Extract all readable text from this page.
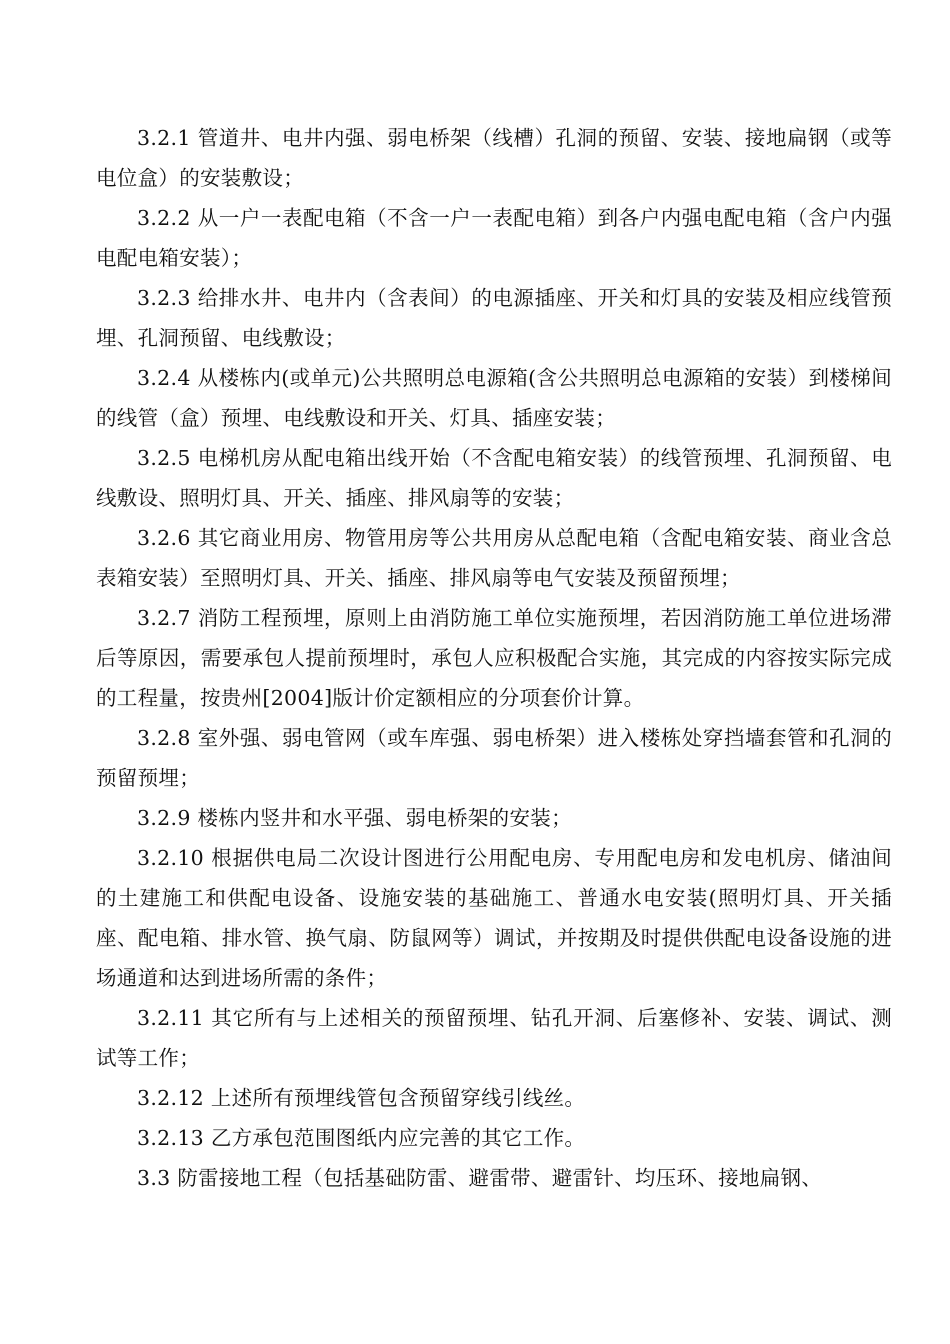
3.2.1 管道井、电井内强、弱电桥架（线槽）孔洞的预留、安装、接地扁钢（或等电位盒）的安装敷设；

3.2.2 从一户一表配电箱（不含一户一表配电箱）到各户内强电配电箱（含户内强电配电箱安装）；

3.2.3 给排水井、电井内（含表间）的电源插座、开关和灯具的安装及相应线管预埋、孔洞预留、电线敷设；

3.2.4 从楼栋内(或单元)公共照明总电源箱(含公共照明总电源箱的安装）到楼梯间的线管（盒）预埋、电线敷设和开关、灯具、插座安装；

3.2.5 电梯机房从配电箱出线开始（不含配电箱安装）的线管预埋、孔洞预留、电线敷设、照明灯具、开关、插座、排风扇等的安装；

3.2.6 其它商业用房、物管用房等公共用房从总配电箱（含配电箱安装、商业含总表箱安装）至照明灯具、开关、插座、排风扇等电气安装及预留预埋；

3.2.7 消防工程预埋，原则上由消防施工单位实施预埋，若因消防施工单位进场滞后等原因，需要承包人提前预埋时，承包人应积极配合实施，其完成的内容按实际完成的工程量，按贵州[2004]版计价定额相应的分项套价计算。

3.2.8 室外强、弱电管网（或车库强、弱电桥架）进入楼栋处穿挡墙套管和孔洞的预留预埋；

3.2.9 楼栋内竖井和水平强、弱电桥架的安装；

3.2.10 根据供电局二次设计图进行公用配电房、专用配电房和发电机房、储油间的土建施工和供配电设备、设施安装的基础施工、普通水电安装(照明灯具、开关插座、配电箱、排水管、换气扇、防鼠网等）调试，并按期及时提供供配电设备设施的进场通道和达到进场所需的条件；

3.2.11 其它所有与上述相关的预留预埋、钻孔开洞、后塞修补、安装、调试、测试等工作；

3.2.12 上述所有预埋线管包含预留穿线引线丝。

3.2.13 乙方承包范围图纸内应完善的其它工作。

3.3 防雷接地工程（包括基础防雷、避雷带、避雷针、均压环、接地扁钢、
